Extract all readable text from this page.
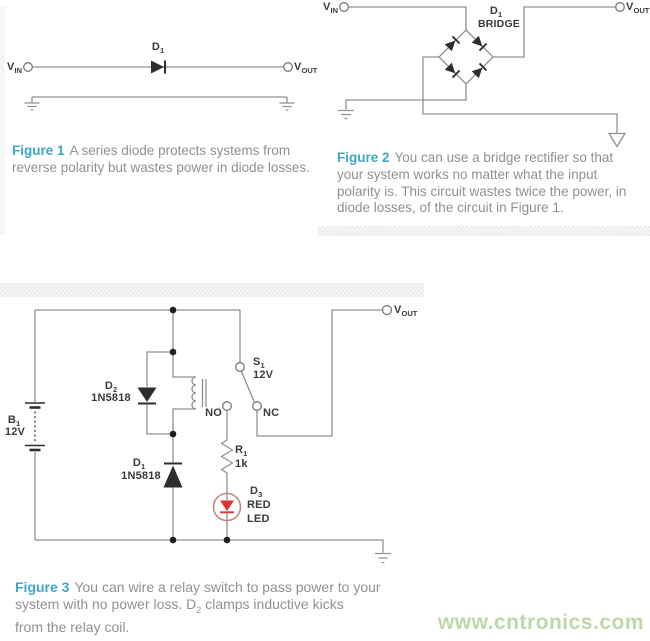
$V_{IN}$
$D_1$
$V_{OUT}$
Figure 1 A series diode protects systems from
reverse polarity but wastes power in diode losses.
$V_{IN}$	$D_1$
BRIDGE
$V_{OUT}$
Figure 2 You can use a bridge rectifier so that
your system works no matter what the input
polarity is. This circuit wastes twice the power, in
diode losses, of the circuit in Figure 1.
$B_1$
12V
$D_2$
1N5818
$D_1$
1N5818
$S_1$
12V
NO	NC
$R_1$
1k
$D_3$
RED
LED
$V_{OUT}$
Figure 3 You can wire a relay switch to pass power to your
system with no power loss. $D_2$ clamps inductive kicks
from the relay coil.	www.cntronics.com
